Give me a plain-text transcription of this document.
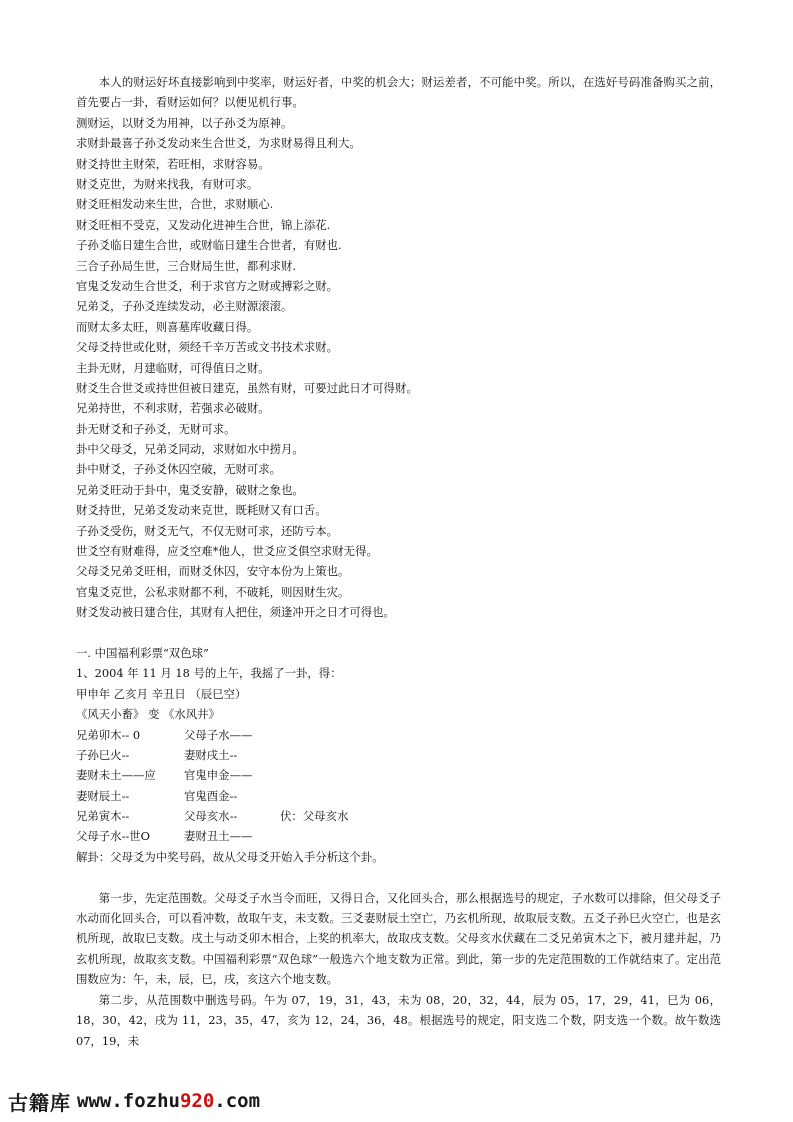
本人的财运好坏直接影响到中奖率，财运好者，中奖的机会大；财运差者，不可能中奖。所以，在选好号码准备购买之前，首先要占一卦，看财运如何？以便见机行事。
测财运，以财爻为用神，以子孙爻为原神。
求财卦最喜子孙爻发动来生合世爻，为求财易得且利大。
财爻持世主财荣，若旺相，求财容易。
财爻克世，为财来找我，有财可求。
财爻旺相发动来生世，合世，求财顺心.
财爻旺相不受克，又发动化进神生合世，锦上添花.
子孙爻临日建生合世，或财临日建生合世者，有财也.
三合子孙局生世，三合财局生世，都利求财.
官鬼爻发动生合世爻，利于求官方之财或搏彩之财。
兄弟爻，子孙爻连续发动，必主财源滚滚。
而财太多太旺，则喜墓库收藏日得。
父母爻持世或化财，须经千辛万苦或文书技术求财。
主卦无财，月建临财，可得值日之财。
财爻生合世爻或持世但被日建克，虽然有财，可要过此日才可得财。
兄弟持世，不利求财，若强求必破财。
卦无财爻和子孙爻，无财可求。
卦中父母爻，兄弟爻同动，求财如水中捞月。
卦中财爻，子孙爻休囚空破，无财可求。
兄弟爻旺动于卦中，鬼爻安静，破财之象也。
财爻持世，兄弟爻发动来克世，既耗财又有口舌。
子孙爻受伤，财爻无气，不仅无财可求，还防亏本。
世爻空有财难得，应爻空难*他人，世爻应爻俱空求财无得。
父母爻兄弟爻旺相，而财爻休囚，安守本份为上策也。
官鬼爻克世，公私求财都不利，不破耗，则因财生灾。
财爻发动被日建合住，其财有人把住，须逢冲开之日才可得也。
一. 中国福利彩票“双色球”
1、2004 年 11 月 18 号的上午，我摇了一卦，得：
甲申年 乙亥月 辛丑日 （辰巳空）
《风天小畜》 变 《水风井》
兄弟卯木-- 0	父母子水——
子孙巳火--	妻财戌土--
妻财未土——应	官鬼申金——
妻财辰土--	官鬼酉金--
兄弟寅木--	父母亥水--	伏：父母亥水
父母子水--世O	妻财丑土——
解卦：父母爻为中奖号码，故从父母爻开始入手分析这个卦。
第一步，先定范围数。父母爻子水当令而旺，又得日合，又化回头合，那么根据选号的规定，子水数可以排除，但父母爻子水动而化回头合，可以看冲数，故取午支，未支数。三爻妻财辰土空亡，乃玄机所现，故取辰支数。五爻子孙巳火空亡，也是玄机所现，故取巳支数。戌土与动爻卯木相合，上奖的机率大，故取戌支数。父母亥水伏藏在二爻兄弟寅木之下，被月建并起，乃玄机所现，故取亥支数。中国福利彩票“双色球”一般选六个地支数为正常。到此，第一步的先定范围数的工作就结束了。定出范围数应为：午，未，辰，巳，戌，亥这六个地支数。
第二步，从范围数中删选号码。午为 07，19，31，43，未为 08，20，32，44，辰为 05，17，29，41，巳为 06，18，30，42，戌为 11，23，35，47，亥为 12，24，36，48。根据选号的规定，阳支选二个数，阴支选一个数。故午数选 07，19，未
古籍库 www.fozhu920.com
